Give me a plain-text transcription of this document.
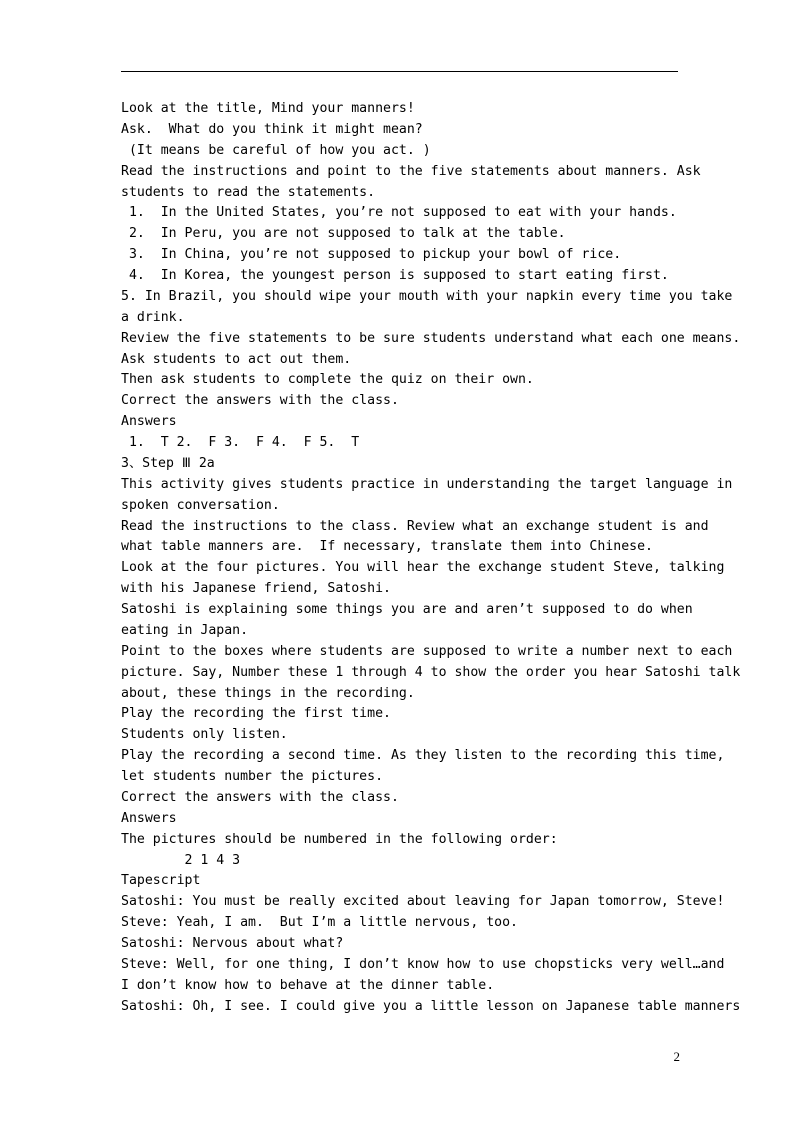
Look at the title, Mind your manners!
Ask.  What do you think it might mean?
(It means be careful of how you act. )
Read the instructions and point to the five statements about manners. Ask
students to read the statements.
1.  In the United States, you’re not supposed to eat with your hands.
2.  In Peru, you are not supposed to talk at the table.
3.  In China, you’re not supposed to pickup your bowl of rice.
4.  In Korea, the youngest person is supposed to start eating first.
5. In Brazil, you should wipe your mouth with your napkin every time you take
a drink.
Review the five statements to be sure students understand what each one means.
Ask students to act out them.
Then ask students to complete the quiz on their own.
Correct the answers with the class.
Answers
1.  T 2.  F 3.  F 4.  F 5.  T
3、Step Ⅲ 2a
This activity gives students practice in understanding the target language in
spoken conversation.
Read the instructions to the class. Review what an exchange student is and
what table manners are.  If necessary, translate them into Chinese.
Look at the four pictures. You will hear the exchange student Steve, talking
with his Japanese friend, Satoshi.
Satoshi is explaining some things you are and aren’t supposed to do when
eating in Japan.
Point to the boxes where students are supposed to write a number next to each
picture. Say, Number these 1 through 4 to show the order you hear Satoshi talk
about, these things in the recording.
Play the recording the first time.
Students only listen.
Play the recording a second time. As they listen to the recording this time,
let students number the pictures.
Correct the answers with the class.
Answers
The pictures should be numbered in the following order:
2 1 4 3
Tapescript
Satoshi: You must be really excited about leaving for Japan tomorrow, Steve!
Steve: Yeah, I am.  But I’m a little nervous, too.
Satoshi: Nervous about what?
Steve: Well, for one thing, I don’t know how to use chopsticks very well…and
I don’t know how to behave at the dinner table.
Satoshi: Oh, I see. I could give you a little lesson on Japanese table manners
2
